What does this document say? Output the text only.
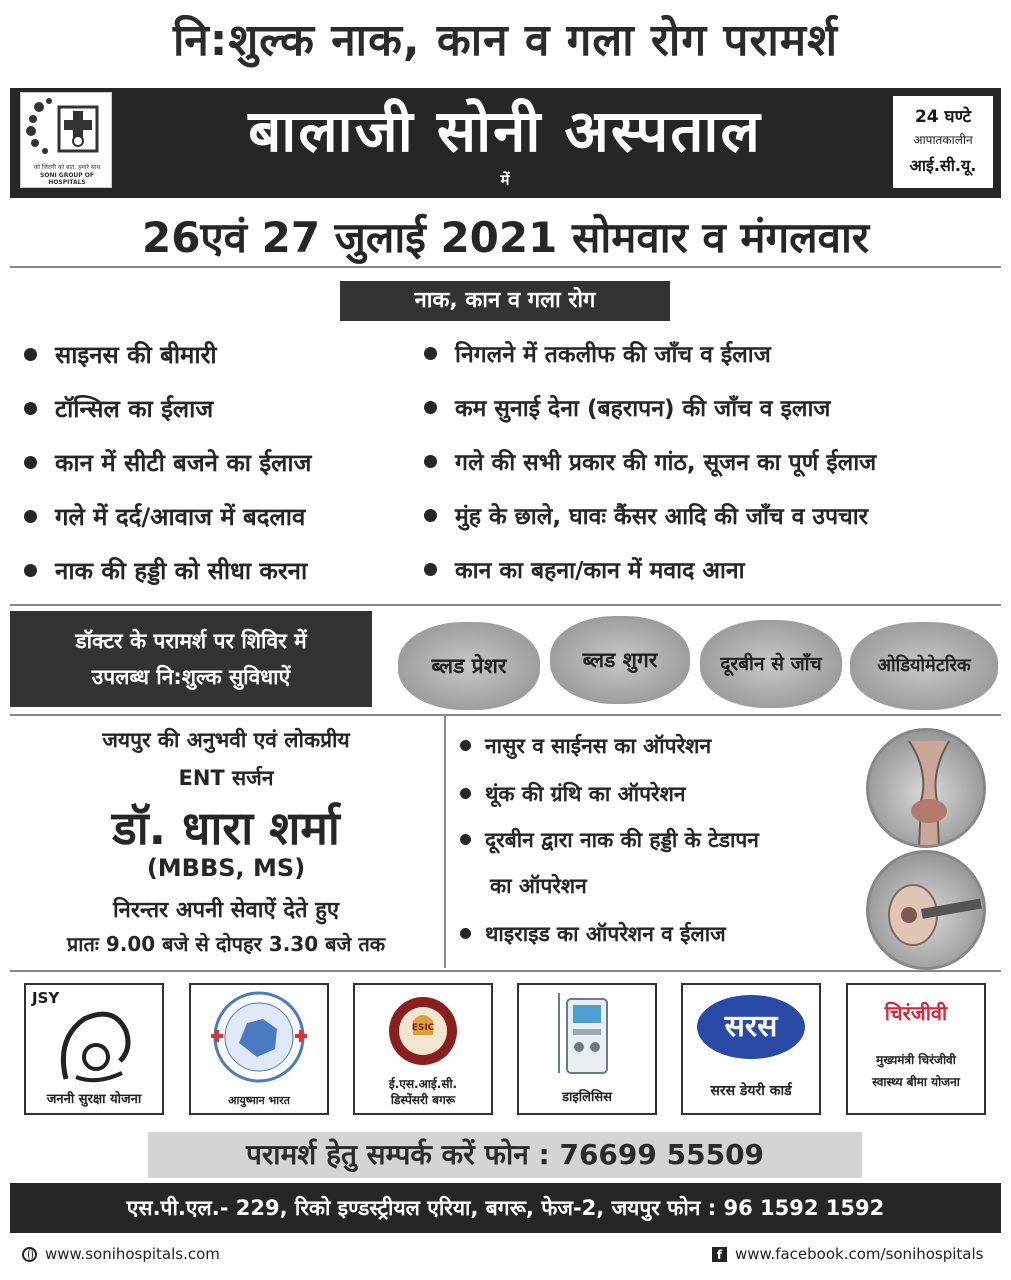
नि:शुल्क नाक, कान व गला रोग परामर्श
को जिंदगी को बात, हमारे साथ
SONI GROUP OF HOSPITALS
बालाजी सोनी अस्पताल
में
24 घण्टे
आपातकालीन
आई.सी.यू.
26एवं 27 जुलाई 2021 सोमवार व मंगलवार
नाक, कान व गला रोग
साइनस की बीमारी
टॉन्सिल का ईलाज
कान में सीटी बजने का ईलाज
गले में दर्द/आवाज में बदलाव
नाक की हड्डी को सीधा करना
निगलने में तकलीफ की जाँच व ईलाज
कम सुनाई देना (बहरापन) की जाँच व इलाज
गले की सभी प्रकार की गांठ, सूजन का पूर्ण ईलाज
मुंह के छाले, घावः कैंसर आदि की जाँच व उपचार
कान का बहना/कान में मवाद आना
डॉक्टर के परामर्श पर शिविर में
उपलब्ध नि:शुल्क सुविधाऐं	ब्लड प्रेशर	ब्लड शुगर	दूरबीन से जाँच	ओडियोमेटरिक
जयपुर की अनुभवी एवं लोकप्रीय
ENT सर्जन
डॉ. धारा शर्मा
(MBBS, MS)
निरन्तर अपनी सेवाऐं देते हुए
प्रातः 9.00 बजे से दोपहर 3.30 बजे तक
नासुर व साईनस का ऑपरेशन
थूंक की ग्रंथि का ऑपरेशन
दूरबीन द्वारा नाक की हड्डी के टेडापन
का ऑपरेशन
थाइराइड का ऑपरेशन व ईलाज
JSY
जननी सुरक्षा योजना	आयुष्मान भारत
ESIC
ई.एस.आई.सी.
डिस्पेंसरी बगरू	डाइलिसिस
सरस
सरस डेयरी कार्ड
चिरंजीवी
मुख्यमंत्री चिरंजीवी
स्वास्थ्य बीमा योजना
परामर्श हेतु सम्पर्क करें फोन : 76699 55509
एस.पी.एल.- 229, रिको इण्डस्ट्रीयल एरिया, बगरू, फेज-2, जयपुर फोन : 96 1592 1592
www.sonihospitals.com	f www.facebook.com/sonihospitals
